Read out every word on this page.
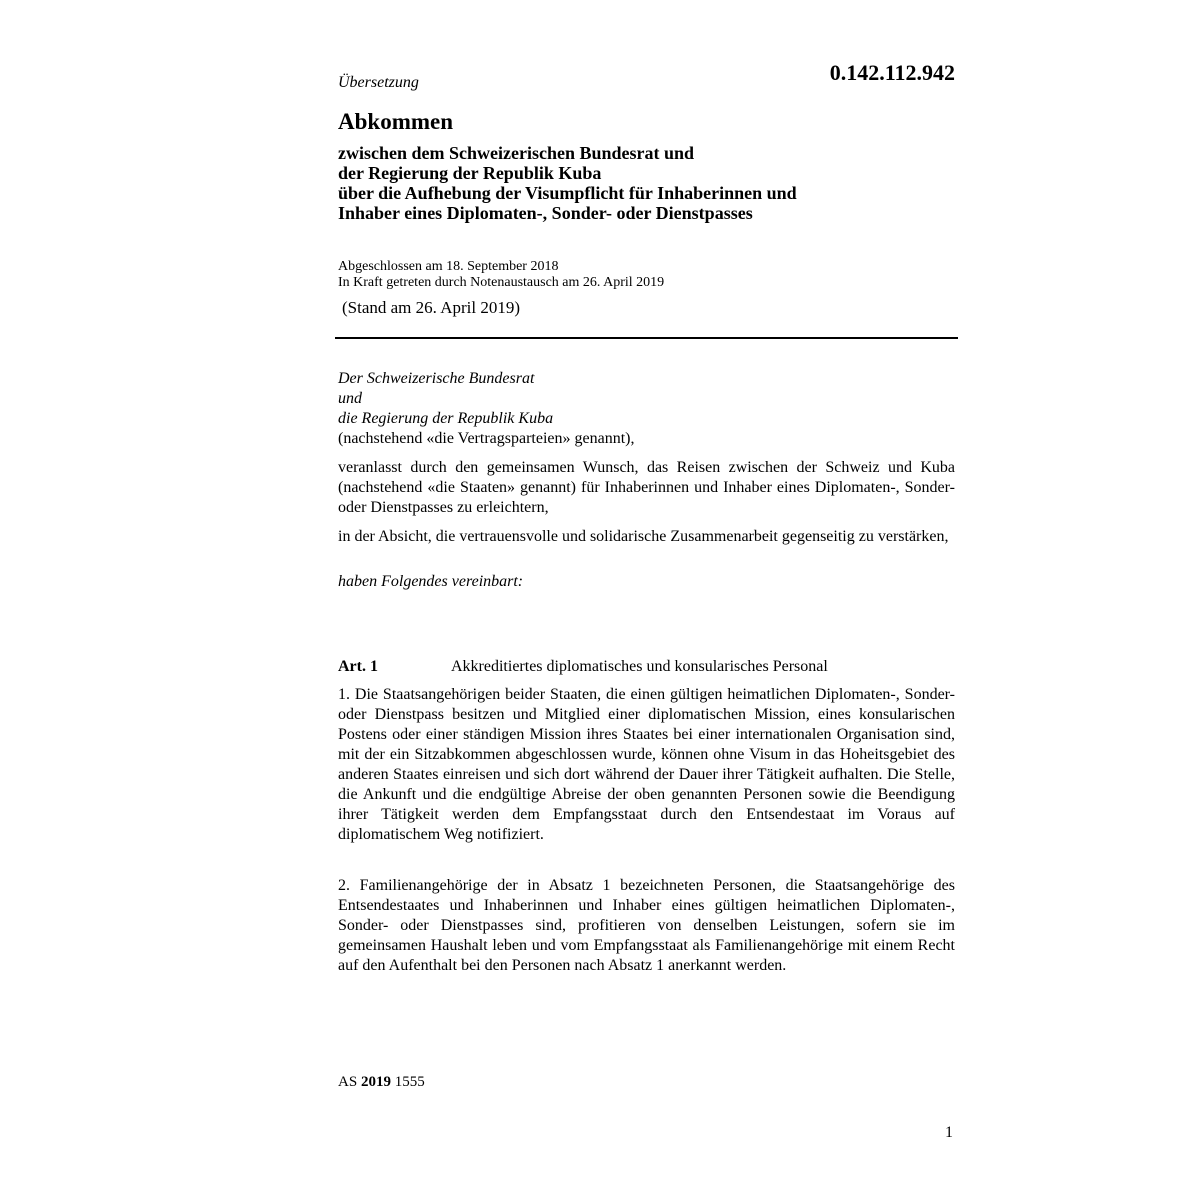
Übersetzung	0.142.112.942
Abkommen
zwischen dem Schweizerischen Bundesrat und
der Regierung der Republik Kuba
über die Aufhebung der Visumpflicht für Inhaberinnen und
Inhaber eines Diplomaten-, Sonder- oder Dienstpasses
Abgeschlossen am 18. September 2018
In Kraft getreten durch Notenaustausch am 26. April 2019
(Stand am 26. April 2019)
Der Schweizerische Bundesrat
und
die Regierung der Republik Kuba
(nachstehend «die Vertragsparteien» genannt),
veranlasst durch den gemeinsamen Wunsch, das Reisen zwischen der Schweiz und Kuba (nachstehend «die Staaten» genannt) für Inhaberinnen und Inhaber eines Diplomaten-, Sonder- oder Dienstpasses zu erleichtern,
in der Absicht, die vertrauensvolle und solidarische Zusammenarbeit gegenseitig zu verstärken,
haben Folgendes vereinbart:
Art. 1	Akkreditiertes diplomatisches und konsularisches Personal
1. Die Staatsangehörigen beider Staaten, die einen gültigen heimatlichen Diplomaten-, Sonder- oder Dienstpass besitzen und Mitglied einer diplomatischen Mission, eines konsularischen Postens oder einer ständigen Mission ihres Staates bei einer internationalen Organisation sind, mit der ein Sitzabkommen abgeschlossen wurde, können ohne Visum in das Hoheitsgebiet des anderen Staates einreisen und sich dort während der Dauer ihrer Tätigkeit aufhalten. Die Stelle, die Ankunft und die endgültige Abreise der oben genannten Personen sowie die Beendigung ihrer Tätigkeit werden dem Empfangsstaat durch den Entsendestaat im Voraus auf diplomatischem Weg notifiziert.
2. Familienangehörige der in Absatz 1 bezeichneten Personen, die Staatsangehörige des Entsendestaates und Inhaberinnen und Inhaber eines gültigen heimatlichen Diplomaten-, Sonder- oder Dienstpasses sind, profitieren von denselben Leistungen, sofern sie im gemeinsamen Haushalt leben und vom Empfangsstaat als Familienangehörige mit einem Recht auf den Aufenthalt bei den Personen nach Absatz 1 anerkannt werden.
AS 2019 1555
1
